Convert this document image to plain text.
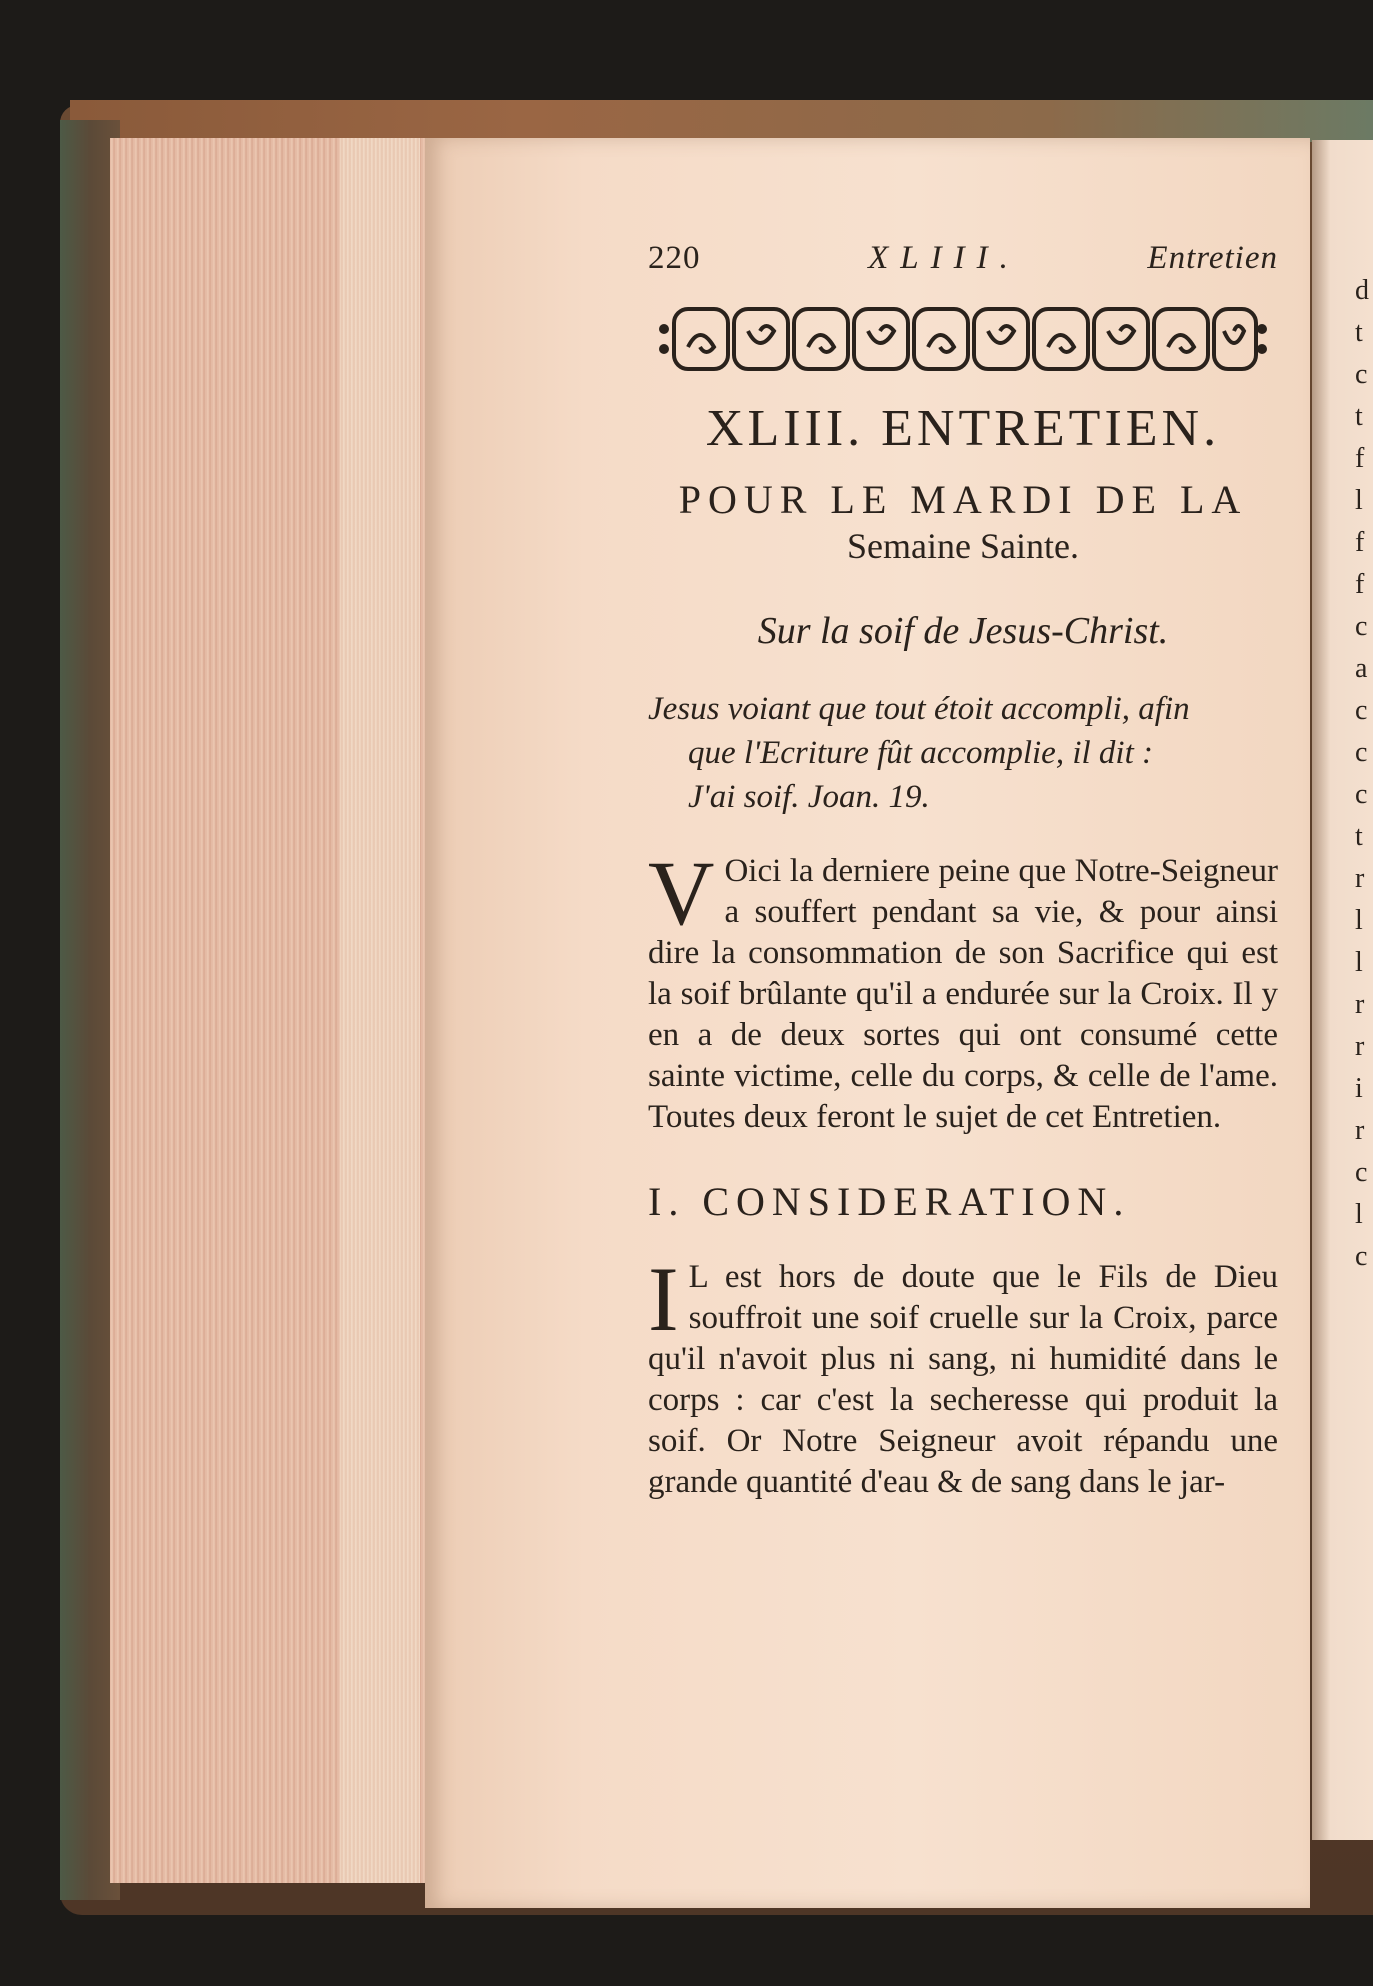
d t c t f l f f c a c c c t r l l r r i r c l c
220	XLIII.	Entretien
XLIII. ENTRETIEN.
POUR LE MARDI DE LA
Semaine Sainte.
Sur la soif de Jesus-Christ.
Jesus voiant que tout étoit accompli, afin
que l'Ecriture fût accomplie, il dit :
J'ai soif. Joan. 19.
V Oici la derniere peine que Notre-Seigneur a souffert pendant sa vie, & pour ainsi dire la consommation de son Sacrifice qui est la soif brûlante qu'il a endurée sur la Croix. Il y en a de deux sortes qui ont consumé cette sainte victime, celle du corps, & celle de l'ame. Toutes deux feront le sujet de cet Entretien.
I. CONSIDERATION.
I L est hors de doute que le Fils de Dieu souffroit une soif cruelle sur la Croix, parce qu'il n'avoit plus ni sang, ni humidité dans le corps : car c'est la secheresse qui produit la soif. Or Notre Seigneur avoit répandu une grande quantité d'eau & de sang dans le jar-
